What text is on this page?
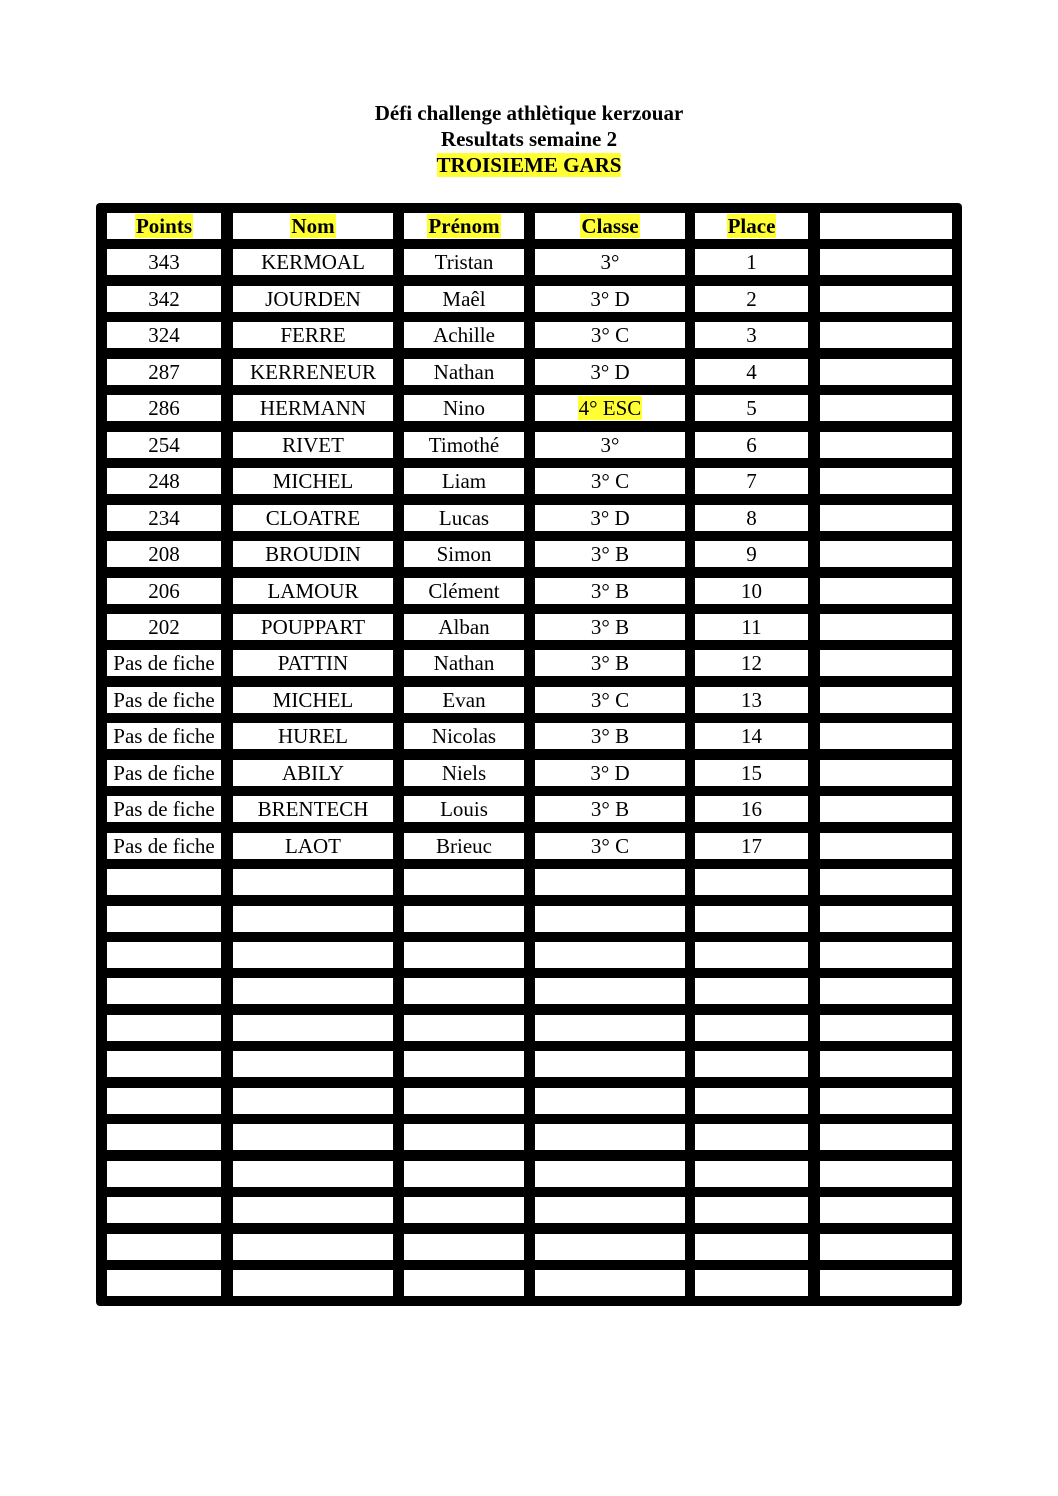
Défi challenge athlètique kerzouar
Resultats semaine 2
TROISIEME GARS
Points	Nom	Prénom	Classe	Place
343	KERMOAL	Tristan	3°	1
342	JOURDEN	Maêl	3° D	2
324	FERRE	Achille	3° C	3
287	KERRENEUR	Nathan	3° D	4
286	HERMANN	Nino	4° ESC	5
254	RIVET	Timothé	3°	6
248	MICHEL	Liam	3° C	7
234	CLOATRE	Lucas	3° D	8
208	BROUDIN	Simon	3° B	9
206	LAMOUR	Clément	3° B	10
202	POUPPART	Alban	3° B	11
Pas de fiche	PATTIN	Nathan	3° B	12
Pas de fiche	MICHEL	Evan	3° C	13
Pas de fiche	HUREL	Nicolas	3° B	14
Pas de fiche	ABILY	Niels	3° D	15
Pas de fiche	BRENTECH	Louis	3° B	16
Pas de fiche	LAOT	Brieuc	3° C	17
